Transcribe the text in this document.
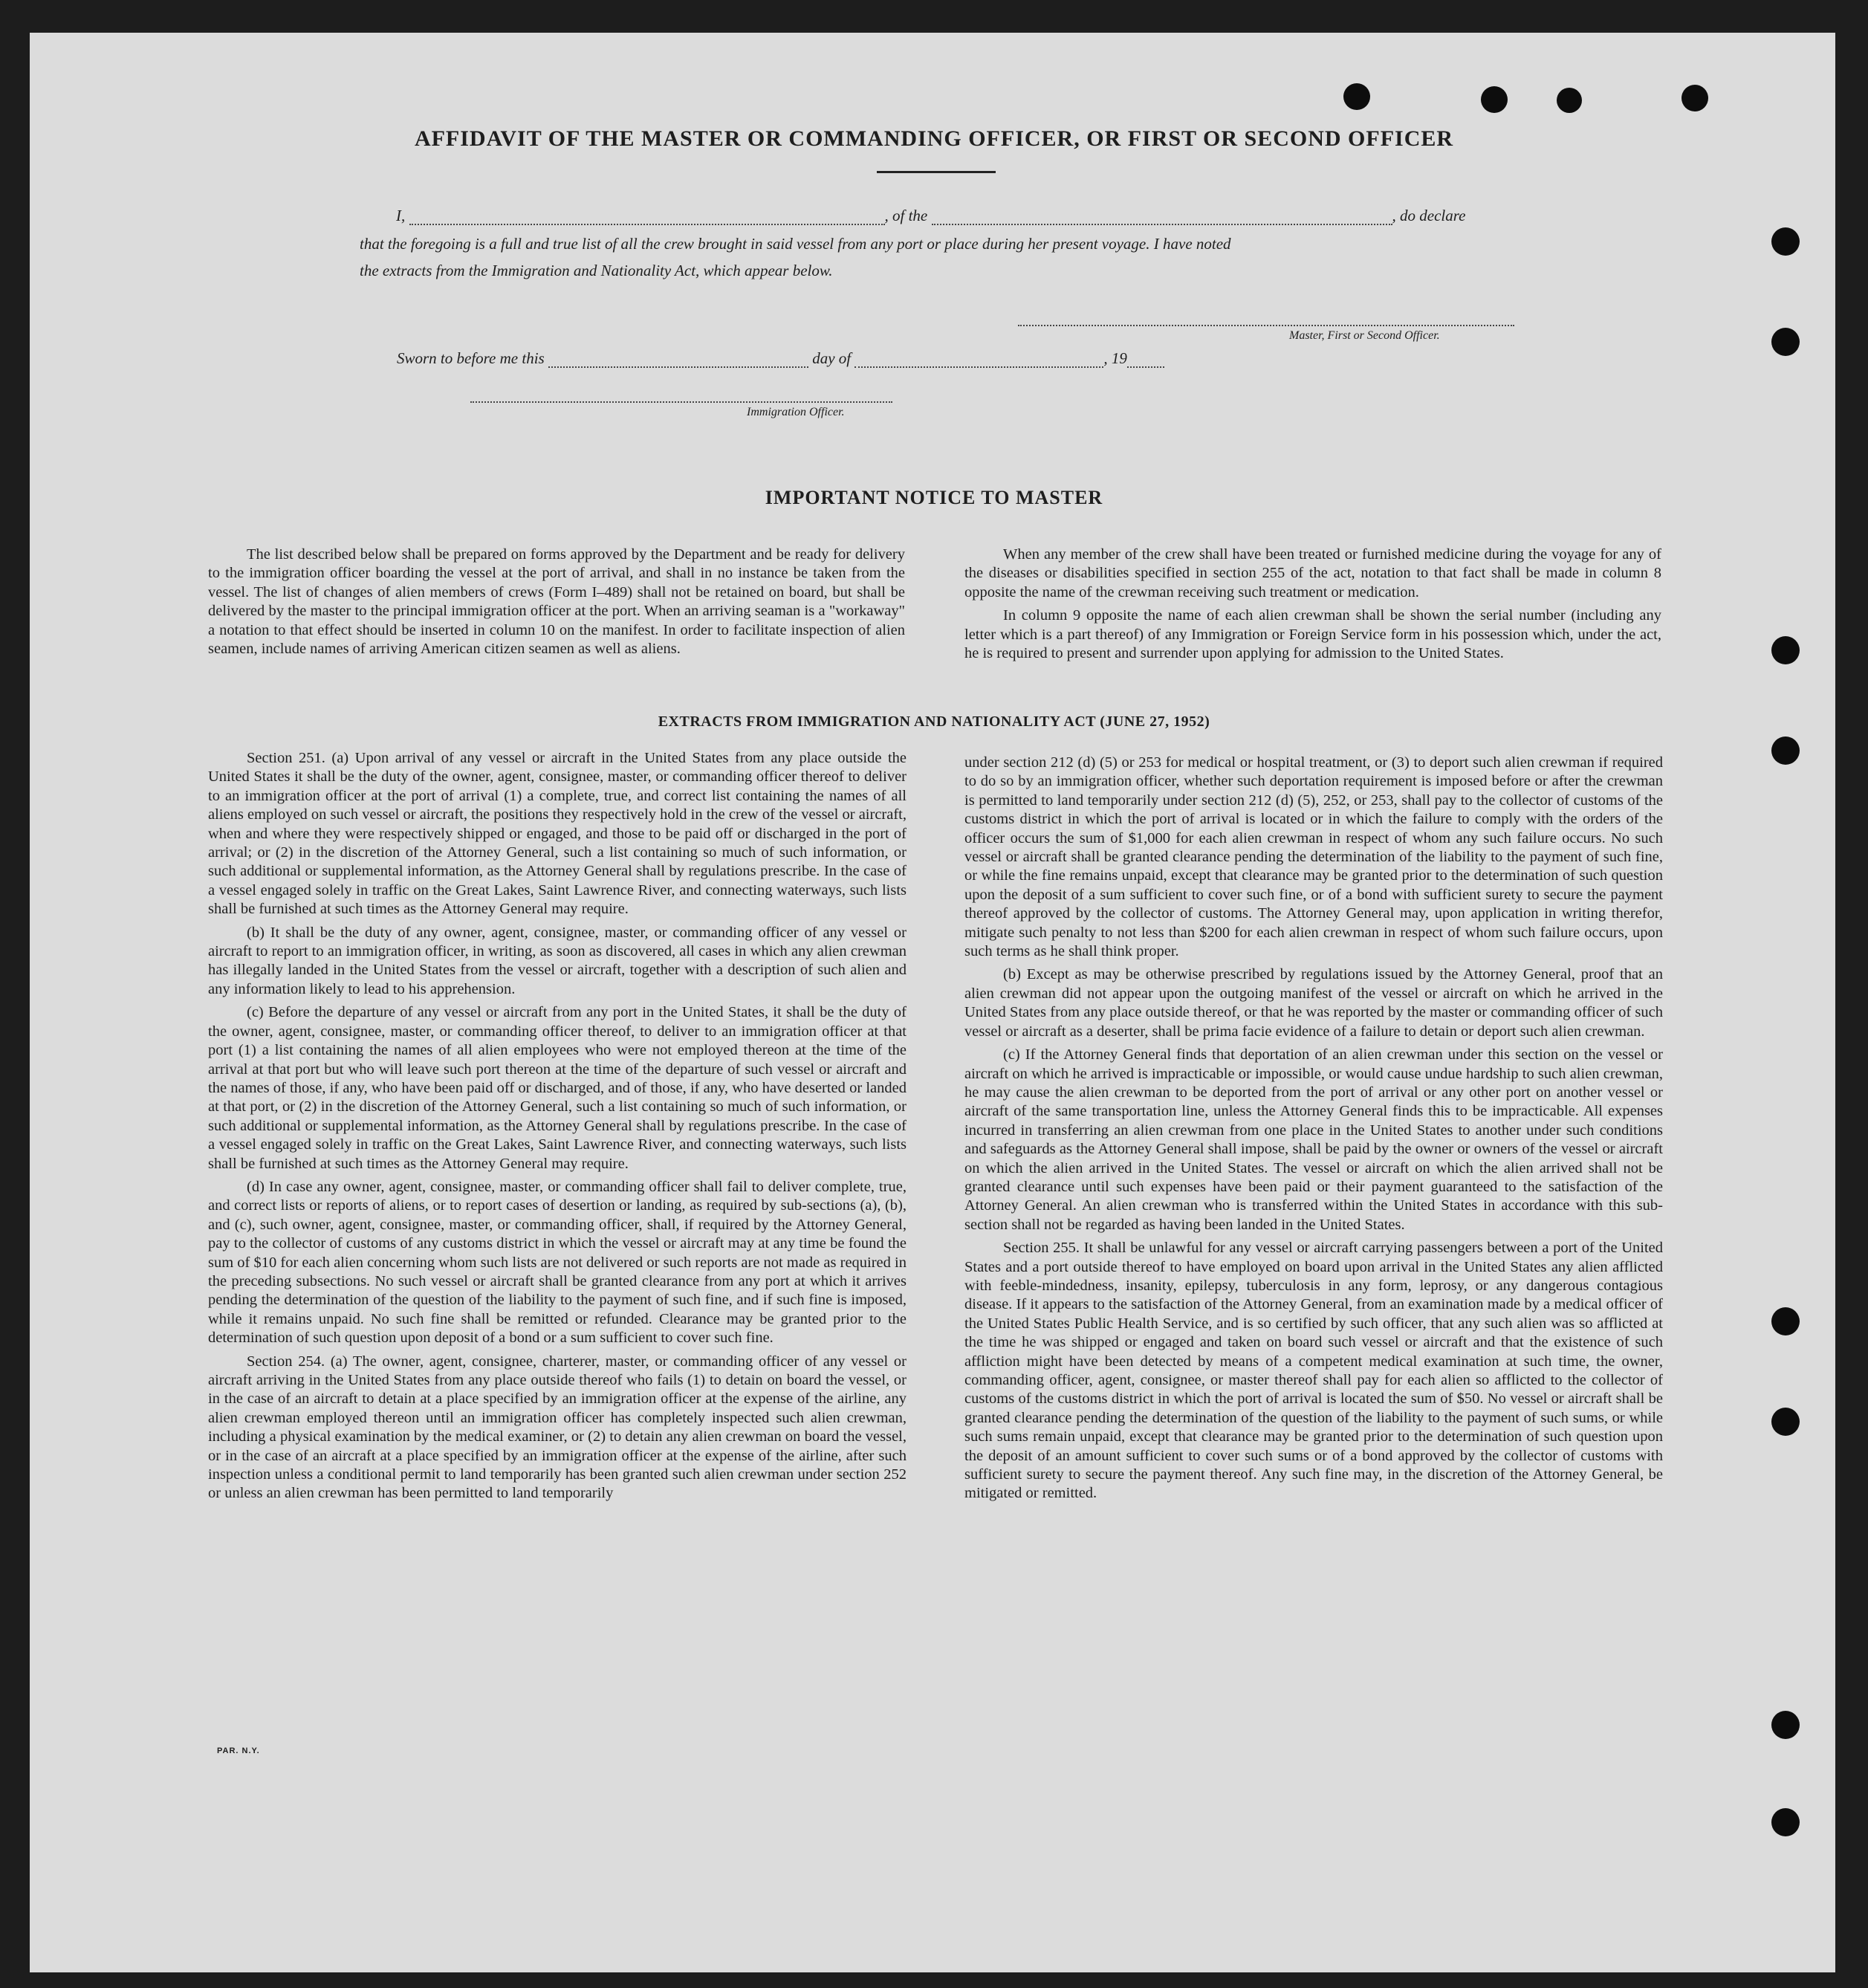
AFFIDAVIT OF THE MASTER OR COMMANDING OFFICER, OR FIRST OR SECOND OFFICER
I,	, of the	, do declare
that the foregoing is a full and true list of all the crew brought in said vessel from any port or place during her present voyage. I have noted
the extracts from the Immigration and Nationality Act, which appear below.
Master, First or Second Officer.
Sworn to before me this	day of	, 19
Immigration Officer.
IMPORTANT NOTICE TO MASTER

The list described below shall be prepared on forms approved by the Department and be ready for delivery to the immigration officer boarding the vessel at the port of arrival, and shall in no instance be taken from the vessel. The list of changes of alien members of crews (Form I–489) shall not be retained on board, but shall be delivered by the master to the principal immigration officer at the port. When an arriving seaman is a "workaway" a notation to that effect should be inserted in column 10 on the manifest. In order to facilitate inspection of alien seamen, include names of arriving American citizen seamen as well as aliens.

When any member of the crew shall have been treated or furnished medicine during the voyage for any of the diseases or disabilities specified in section 255 of the act, notation to that fact shall be made in column 8 opposite the name of the crewman receiving such treatment or medication.

In column 9 opposite the name of each alien crewman shall be shown the serial number (including any letter which is a part thereof) of any Immigration or Foreign Service form in his possession which, under the act, he is required to present and surrender upon applying for admission to the United States.

EXTRACTS FROM IMMIGRATION AND NATIONALITY ACT (JUNE 27, 1952)

Section 251. (a) Upon arrival of any vessel or aircraft in the United States from any place outside the United States it shall be the duty of the owner, agent, consignee, master, or commanding officer thereof to deliver to an immigration officer at the port of arrival (1) a complete, true, and correct list containing the names of all aliens employed on such vessel or aircraft, the positions they respectively hold in the crew of the vessel or aircraft, when and where they were respectively shipped or engaged, and those to be paid off or discharged in the port of arrival; or (2) in the discretion of the Attorney General, such a list containing so much of such information, or such additional or supplemental information, as the Attorney General shall by regulations prescribe. In the case of a vessel engaged solely in traffic on the Great Lakes, Saint Lawrence River, and connecting waterways, such lists shall be furnished at such times as the Attorney General may require.

(b) It shall be the duty of any owner, agent, consignee, master, or commanding officer of any vessel or aircraft to report to an immigration officer, in writing, as soon as discovered, all cases in which any alien crewman has illegally landed in the United States from the vessel or aircraft, together with a description of such alien and any information likely to lead to his apprehension.

(c) Before the departure of any vessel or aircraft from any port in the United States, it shall be the duty of the owner, agent, consignee, master, or commanding officer thereof, to deliver to an immigration officer at that port (1) a list containing the names of all alien employees who were not employed thereon at the time of the arrival at that port but who will leave such port thereon at the time of the departure of such vessel or aircraft and the names of those, if any, who have been paid off or discharged, and of those, if any, who have deserted or landed at that port, or (2) in the discretion of the Attorney General, such a list containing so much of such information, or such additional or supplemental information, as the Attorney General shall by regulations prescribe. In the case of a vessel engaged solely in traffic on the Great Lakes, Saint Lawrence River, and connecting waterways, such lists shall be furnished at such times as the Attorney General may require.

(d) In case any owner, agent, consignee, master, or commanding officer shall fail to deliver complete, true, and correct lists or reports of aliens, or to report cases of desertion or landing, as required by sub-sections (a), (b), and (c), such owner, agent, consignee, master, or commanding officer, shall, if required by the Attorney General, pay to the collector of customs of any customs district in which the vessel or aircraft may at any time be found the sum of $10 for each alien concerning whom such lists are not delivered or such reports are not made as required in the preceding subsections. No such vessel or aircraft shall be granted clearance from any port at which it arrives pending the determination of the question of the liability to the payment of such fine, and if such fine is imposed, while it remains unpaid. No such fine shall be remitted or refunded. Clearance may be granted prior to the determination of such question upon deposit of a bond or a sum sufficient to cover such fine.

Section 254. (a) The owner, agent, consignee, charterer, master, or commanding officer of any vessel or aircraft arriving in the United States from any place outside thereof who fails (1) to detain on board the vessel, or in the case of an aircraft to detain at a place specified by an immigration officer at the expense of the airline, any alien crewman employed thereon until an immigration officer has completely inspected such alien crewman, including a physical examination by the medical examiner, or (2) to detain any alien crewman on board the vessel, or in the case of an aircraft at a place specified by an immigration officer at the expense of the airline, after such inspection unless a conditional permit to land temporarily has been granted such alien crewman under section 252 or unless an alien crewman has been permitted to land temporarily

under section 212 (d) (5) or 253 for medical or hospital treatment, or (3) to deport such alien crewman if required to do so by an immigration officer, whether such deportation requirement is imposed before or after the crewman is permitted to land temporarily under section 212 (d) (5), 252, or 253, shall pay to the collector of customs of the customs district in which the port of arrival is located or in which the failure to comply with the orders of the officer occurs the sum of $1,000 for each alien crewman in respect of whom any such failure occurs. No such vessel or aircraft shall be granted clearance pending the determination of the liability to the payment of such fine, or while the fine remains unpaid, except that clearance may be granted prior to the determination of such question upon the deposit of a sum sufficient to cover such fine, or of a bond with sufficient surety to secure the payment thereof approved by the collector of customs. The Attorney General may, upon application in writing therefor, mitigate such penalty to not less than $200 for each alien crewman in respect of whom such failure occurs, upon such terms as he shall think proper.

(b) Except as may be otherwise prescribed by regulations issued by the Attorney General, proof that an alien crewman did not appear upon the outgoing manifest of the vessel or aircraft on which he arrived in the United States from any place outside thereof, or that he was reported by the master or commanding officer of such vessel or aircraft as a deserter, shall be prima facie evidence of a failure to detain or deport such alien crewman.

(c) If the Attorney General finds that deportation of an alien crewman under this section on the vessel or aircraft on which he arrived is impracticable or impossible, or would cause undue hardship to such alien crewman, he may cause the alien crewman to be deported from the port of arrival or any other port on another vessel or aircraft of the same transportation line, unless the Attorney General finds this to be impracticable. All expenses incurred in transferring an alien crewman from one place in the United States to another under such conditions and safeguards as the Attorney General shall impose, shall be paid by the owner or owners of the vessel or aircraft on which the alien arrived in the United States. The vessel or aircraft on which the alien arrived shall not be granted clearance until such expenses have been paid or their payment guaranteed to the satisfaction of the Attorney General. An alien crewman who is transferred within the United States in accordance with this sub-section shall not be regarded as having been landed in the United States.

Section 255. It shall be unlawful for any vessel or aircraft carrying passengers between a port of the United States and a port outside thereof to have employed on board upon arrival in the United States any alien afflicted with feeble-mindedness, insanity, epilepsy, tuberculosis in any form, leprosy, or any dangerous contagious disease. If it appears to the satisfaction of the Attorney General, from an examination made by a medical officer of the United States Public Health Service, and is so certified by such officer, that any such alien was so afflicted at the time he was shipped or engaged and taken on board such vessel or aircraft and that the existence of such affliction might have been detected by means of a competent medical examination at such time, the owner, commanding officer, agent, consignee, or master thereof shall pay for each alien so afflicted to the collector of customs of the customs district in which the port of arrival is located the sum of $50. No vessel or aircraft shall be granted clearance pending the determination of the question of the liability to the payment of such sums, or while such sums remain unpaid, except that clearance may be granted prior to the determination of such question upon the deposit of an amount sufficient to cover such sums or of a bond approved by the collector of customs with sufficient surety to secure the payment thereof. Any such fine may, in the discretion of the Attorney General, be mitigated or remitted.

PAR. N.Y.
